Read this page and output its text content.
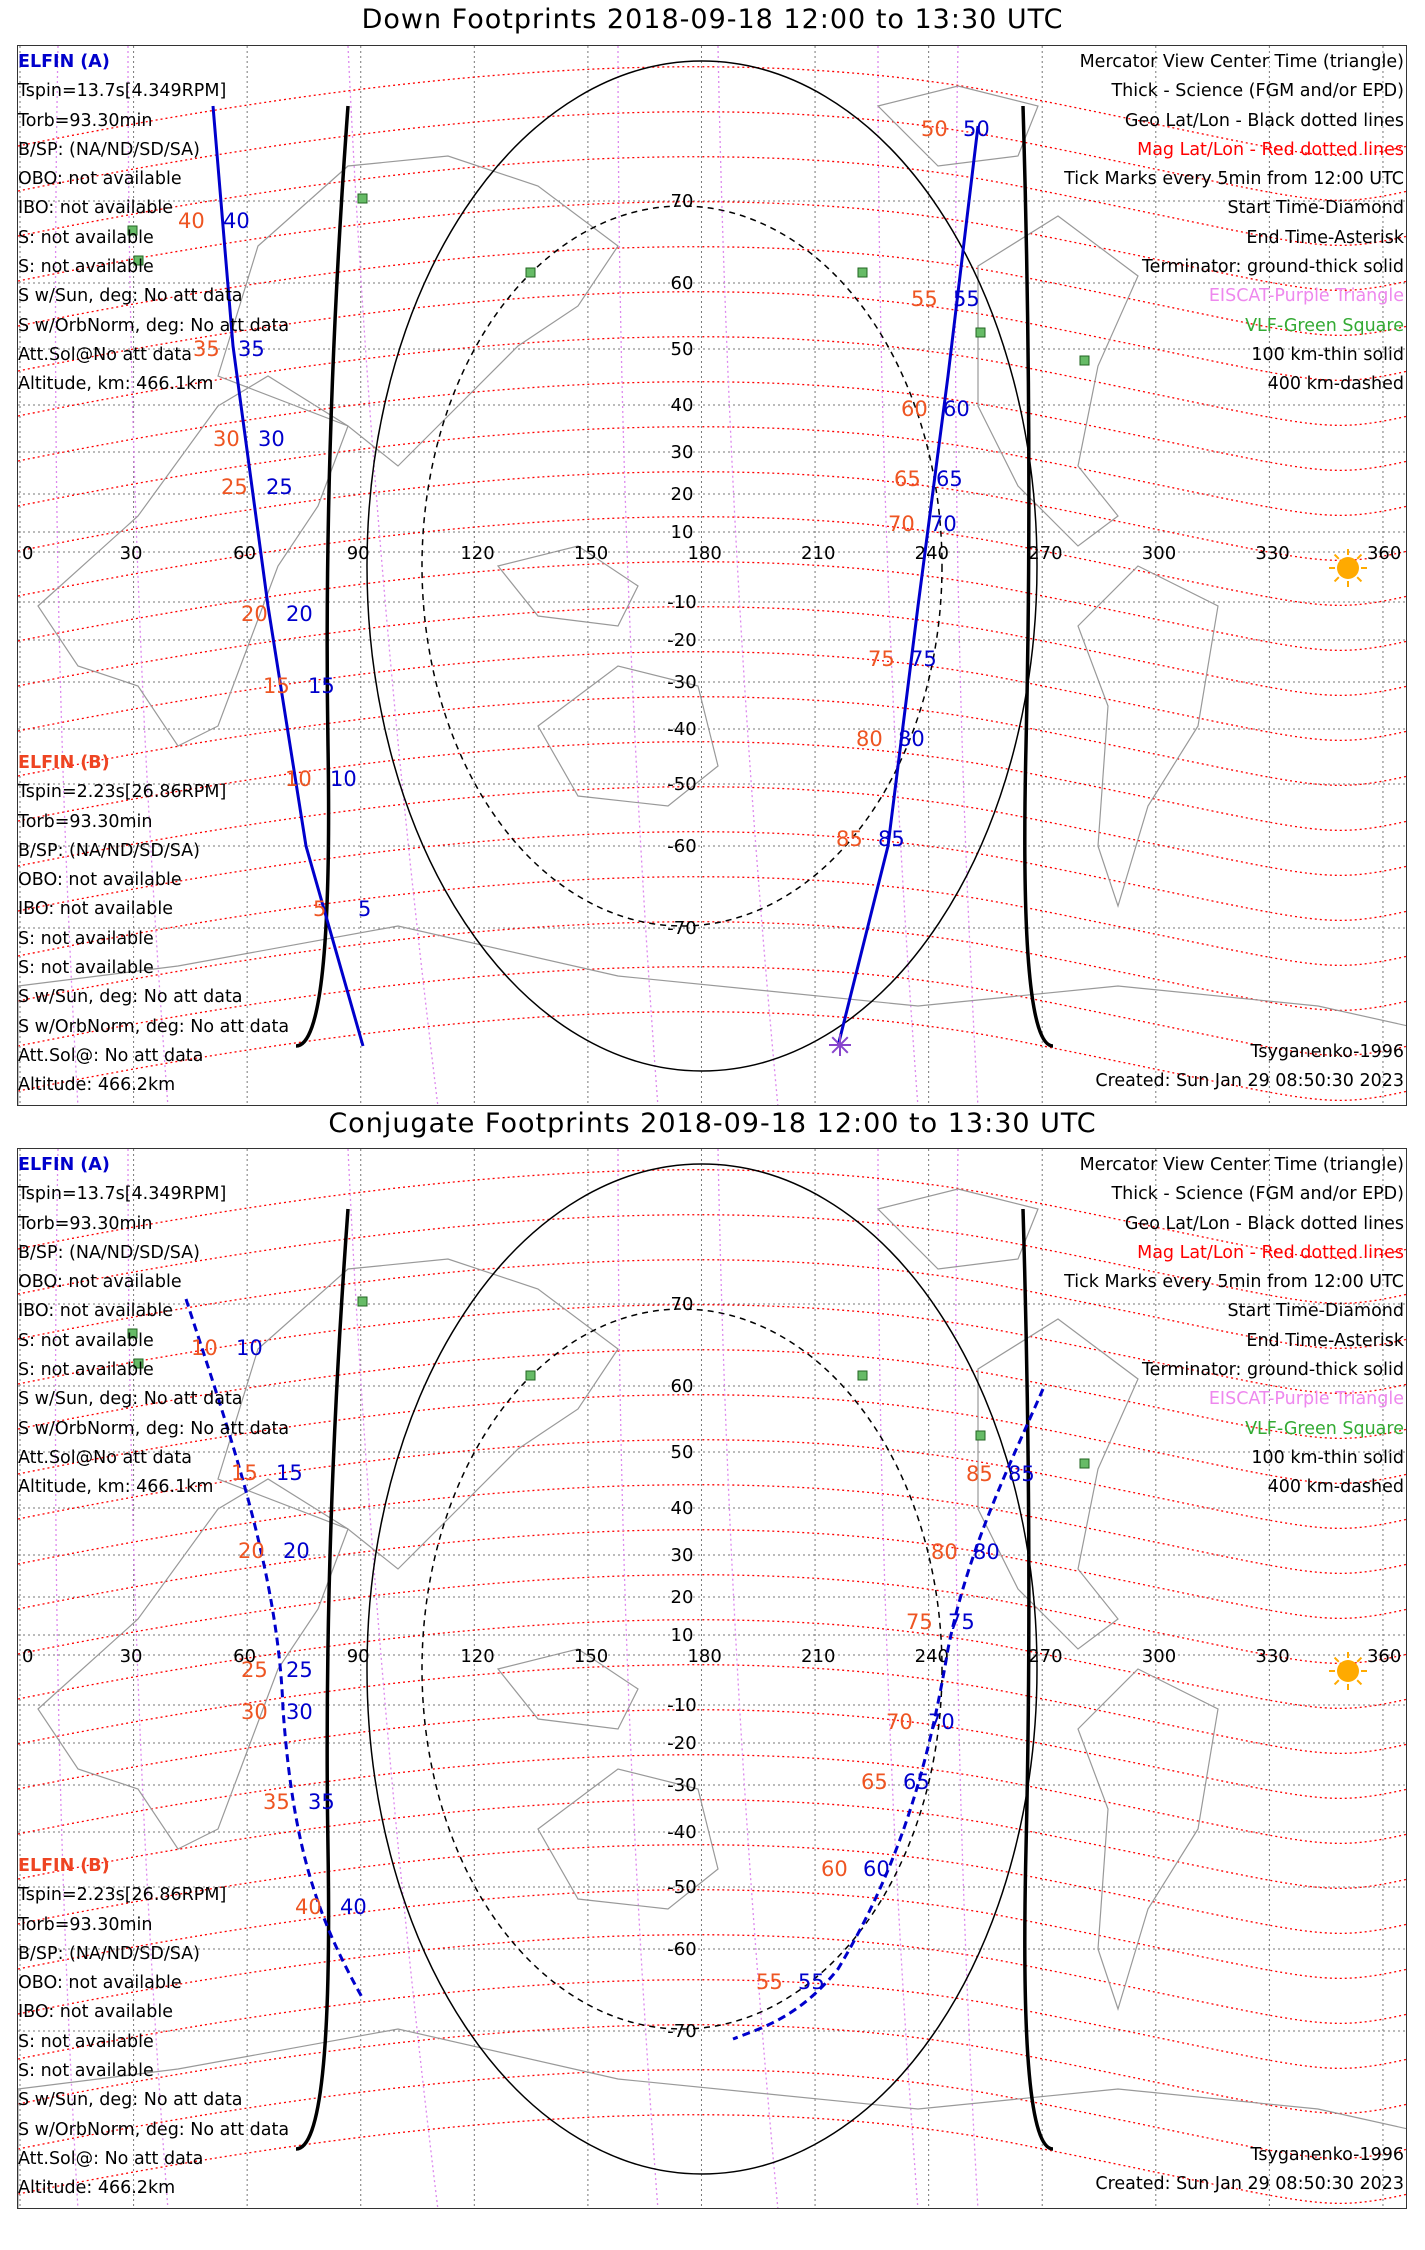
Down Footprints 2018-09-18 12:00 to 13:30 UTC
0	30	60	90	120	150	180	210	240	270	300	330	360
70
60
50
40
30
20
10
-10
-20
-30
-40
-50
-60
-70
40 40
35 35
30 30
25 25
20 20
15 15
10 10
5 5
50 50
55 55
60 60
65 65
70 70
75 75
80 80
85 85
ELFIN (A)
Tspin=13.7s[4.349RPM]
Torb=93.30min
B/SP: (NA/ND/SD/SA)
OBO: not available
IBO: not available
S: not available
S: not available
S w/Sun, deg: No att data
S w/OrbNorm, deg: No att data
Att.Sol@No att data
Altitude, km: 466.1km
ELFIN (B)
Tspin=2.23s[26.86RPM]
Torb=93.30min
B/SP: (NA/ND/SD/SA)
OBO: not available
IBO: not available
S: not available
S: not available
S w/Sun, deg: No att data
S w/OrbNorm, deg: No att data
Att.Sol@: No att data
Altitude: 466.2km
Mercator View Center Time (triangle)
Thick - Science (FGM and/or EPD)
Geo Lat/Lon - Black dotted lines
Mag Lat/Lon - Red dotted lines
Tick Marks every 5min from 12:00 UTC
Start Time-Diamond
End Time-Asterisk
Terminator: ground-thick solid
EISCAT-Purple Triangle
VLF-Green Square
100 km-thin solid
400 km-dashed
Tsyganenko-1996
Created: Sun Jan 29 08:50:30 2023
Conjugate Footprints 2018-09-18 12:00 to 13:30 UTC
0	30	60	90	120	150	180	210	240	270	300	330	360
70
60
50
40
30
20
10
-10
-20
-30
-40
-50
-60
-70
10 10
15 15
20 20
25 25
30 30
35 35
40 40
85 85
80 80
75 75
70 70
65 65
60 60
55 55
ELFIN (A)
Tspin=13.7s[4.349RPM]
Torb=93.30min
B/SP: (NA/ND/SD/SA)
OBO: not available
IBO: not available
S: not available
S: not available
S w/Sun, deg: No att data
S w/OrbNorm, deg: No att data
Att.Sol@No att data
Altitude, km: 466.1km
ELFIN (B)
Tspin=2.23s[26.86RPM]
Torb=93.30min
B/SP: (NA/ND/SD/SA)
OBO: not available
IBO: not available
S: not available
S: not available
S w/Sun, deg: No att data
S w/OrbNorm, deg: No att data
Att.Sol@: No att data
Altitude: 466.2km
Mercator View Center Time (triangle)
Thick - Science (FGM and/or EPD)
Geo Lat/Lon - Black dotted lines
Mag Lat/Lon - Red dotted lines
Tick Marks every 5min from 12:00 UTC
Start Time-Diamond
End Time-Asterisk
Terminator: ground-thick solid
EISCAT-Purple Triangle
VLF-Green Square
100 km-thin solid
400 km-dashed
Tsyganenko-1996
Created: Sun Jan 29 08:50:30 2023
